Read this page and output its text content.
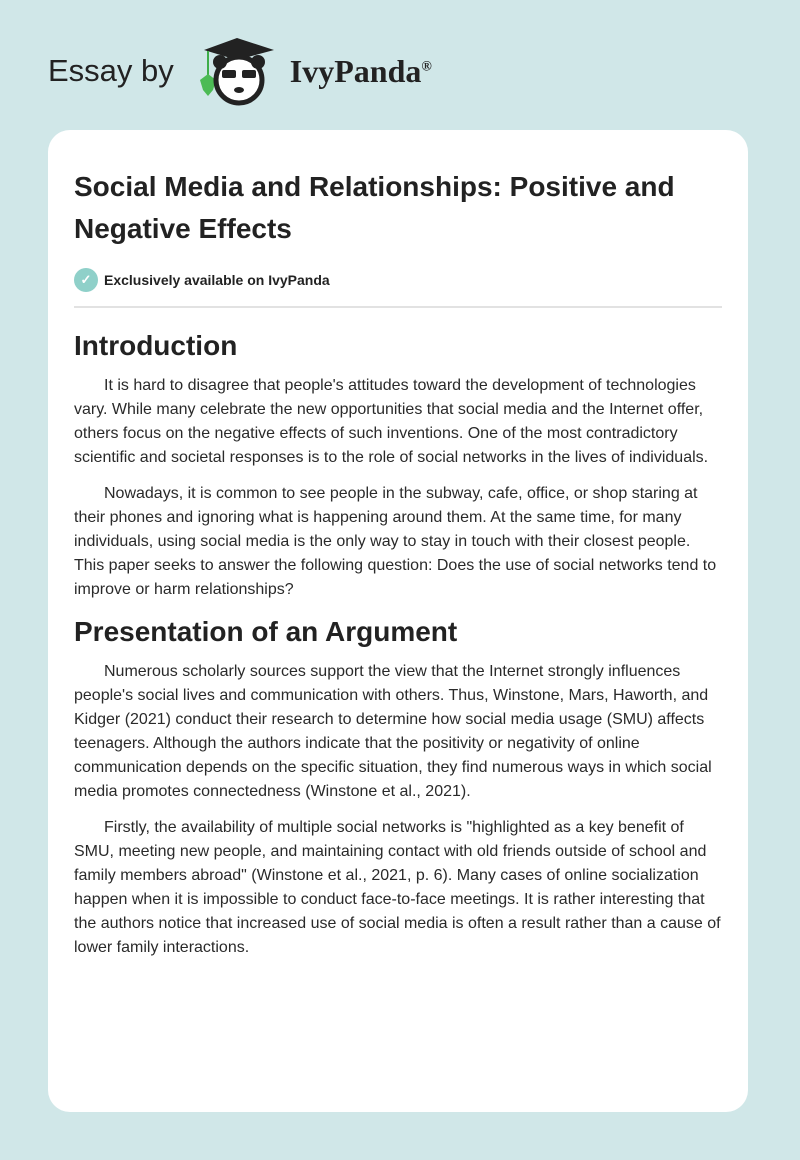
Essay by	IvyPanda®
Social Media and Relationships: Positive and Negative Effects
✓ Exclusively available on IvyPanda
Introduction

It is hard to disagree that people's attitudes toward the development of technologies vary. While many celebrate the new opportunities that social media and the Internet offer, others focus on the negative effects of such inventions. One of the most contradictory scientific and societal responses is to the role of social networks in the lives of individuals.

Nowadays, it is common to see people in the subway, cafe, office, or shop staring at their phones and ignoring what is happening around them. At the same time, for many individuals, using social media is the only way to stay in touch with their closest people. This paper seeks to answer the following question: Does the use of social networks tend to improve or harm relationships?

Presentation of an Argument

Numerous scholarly sources support the view that the Internet strongly influences people's social lives and communication with others. Thus, Winstone, Mars, Haworth, and Kidger (2021) conduct their research to determine how social media usage (SMU) affects teenagers. Although the authors indicate that the positivity or negativity of online communication depends on the specific situation, they find numerous ways in which social media promotes connectedness (Winstone et al., 2021).

Firstly, the availability of multiple social networks is "highlighted as a key benefit of SMU, meeting new people, and maintaining contact with old friends outside of school and family members abroad" (Winstone et al., 2021, p. 6). Many cases of online socialization happen when it is impossible to conduct face-to-face meetings. It is rather interesting that the authors notice that increased use of social media is often a result rather than a cause of lower family interactions.
